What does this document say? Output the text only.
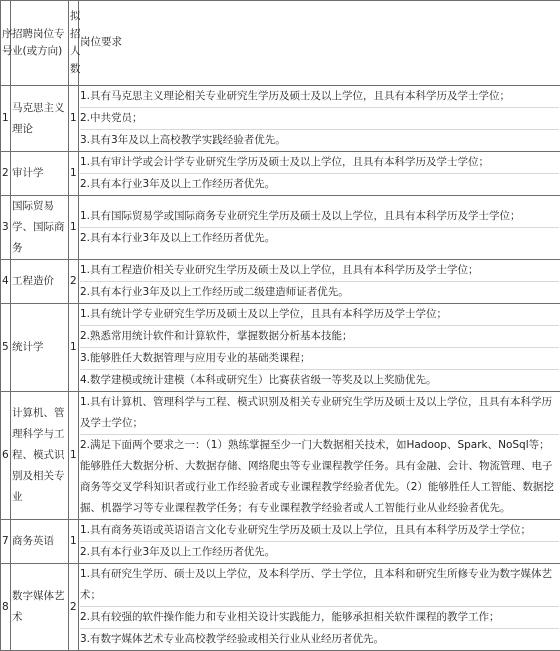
序号	招聘岗位专业(或方向)	拟招人数	岗位要求
1	马克思主义理论	1	1.具有马克思主义理论相关专业研究生学历及硕士及以上学位，且具有本科学历及学士学位；

2.中共党员；

3.具有3年及以上高校教学实践经验者优先。

2	审计学	1	1.具有审计学或会计学专业研究生学历及硕士及以上学位，且具有本科学历及学士学位；

2.具有本行业3年及以上工作经历者优先。

3	国际贸易学、国际商务	1	1.具有国际贸易学或国际商务专业研究生学历及硕士及以上学位，且具有本科学历及学士学位；

2.具有本行业3年及以上工作经历者优先。

4	工程造价	2	1.具有工程造价相关专业研究生学历及硕士及以上学位，且具有本科学历及学士学位；

2.具有本行业3年及以上工作经历或二级建造师证者优先。

5	统计学	1	1.具有统计学专业研究生学历及硕士及以上学位，且具有本科学历及学士学位；

2.熟悉常用统计软件和计算软件，掌握数据分析基本技能；

3.能够胜任大数据管理与应用专业的基础类课程；

4.数学建模或统计建模（本科或研究生）比赛获省级一等奖及以上奖励优先。

6	计算机、管理科学与工程、模式识别及相关专业	1	1.具有计算机、管理科学与工程、模式识别及相关专业研究生学历及硕士及以上学位，且具有本科学历及学士学位；

2.满足下面两个要求之一：（1）熟练掌握至少一门大数据相关技术，如Hadoop、Spark、NoSql等；能够胜任大数据分析、大数据存储、网络爬虫等专业课程教学任务。具有金融、会计、物流管理、电子商务等交叉学科知识者或行业工作经验者或专业课程教学经验者优先。（2）能够胜任人工智能、数据挖掘、机器学习等专业课程教学任务；有专业课程教学经验者或人工智能行业从业经验者优先。

7	商务英语	1	1.具有商务英语或英语语言文化专业研究生学历及硕士及以上学位，且具有本科学历及学士学位；

2.具有本行业3年及以上工作经历者优先。

8	数字媒体艺术	2	1.具有研究生学历、硕士及以上学位，及本科学历、学士学位，且本科和研究生所修专业为数字媒体艺术；

2.具有较强的软件操作能力和专业相关设计实践能力，能够承担相关软件课程的教学工作；

3.有数字媒体艺术专业高校教学经验或相关行业从业经历者优先。
